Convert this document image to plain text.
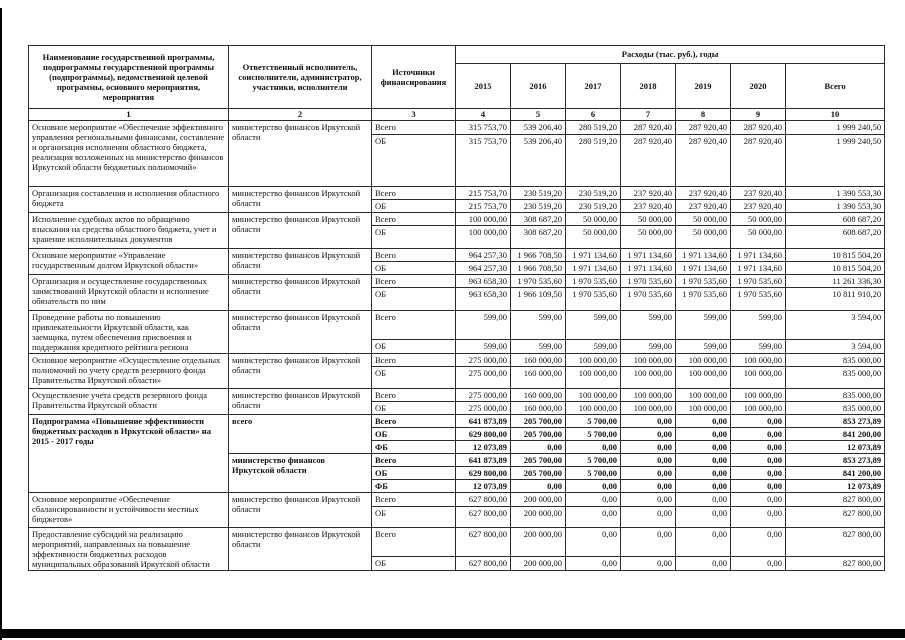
Наименование государственной программы, подпрограммы государственной программы (подпрограммы), ведомственной целевой программы, основного мероприятия, мероприятия	Ответственный исполнитель, соисполнители, администратор, участники, исполнители	Источники финансирования	Расходы (тыс. руб.), годы						
			2015	2016	2017	2018	2019	2020	Всего
1	2	3	4	5	6	7	8	9	10
Основное мероприятие «Обеспечение эффективного управления региональными финансами, составление и организация исполнения областного бюджета, реализация возложенных на министерство финансов Иркутской области бюджетных полномочий»	министерство финансов Иркутской области	Всего	315 753,70	539 206,40	280 519,20	287 920,40	287 920,40	287 920,40	1 999 240,50
		ОБ	315 753,70	539 206,40	280 519,20	287 920,40	287 920,40	287 920,40	1 999 240,50
Организация составления и исполнения областного бюджета	министерство финансов Иркутской области	Всего	215 753,70	230 519,20	230 519,20	237 920,40	237 920,40	237 920,40	1 390 553,30
		ОБ	215 753,70	230 519,20	230 519,20	237 920,40	237 920,40	237 920,40	1 390 553,30
Исполнение судебных актов по обращению взыскания на средства областного бюджета, учет и хранение исполнительных документов	министерство финансов Иркутской области	Всего	100 000,00	308 687,20	50 000,00	50 000,00	50 000,00	50 000,00	608 687,20
		ОБ	100 000,00	308 687,20	50 000,00	50 000,00	50 000,00	50 000,00	608 687,20
Основное мероприятие «Управление государственным долгом Иркутской области»	министерство финансов Иркутской области	Всего	964 257,30	1 966 708,50	1 971 134,60	1 971 134,60	1 971 134,60	1 971 134,60	10 815 504,20
		ОБ	964 257,30	1 966 708,50	1 971 134,60	1 971 134,60	1 971 134,60	1 971 134,60	10 815 504,20
Организация и осуществление государственных заимствований Иркутской области и исполнение обязательств по ним	министерство финансов Иркутской области	Всего	963 658,30	1 970 535,60	1 970 535,60	1 970 535,60	1 970 535,60	1 970 535,60	11 261 336,30
		ОБ	963 658,30	1 966 109,50	1 970 535,60	1 970 535,60	1 970 535,60	1 970 535,60	10 811 910,20
Проведение работы по повышению привлекательности Иркутской области, как заемщика, путем обеспечения присвоения и поддержания кредитного рейтинга региона	министерство финансов Иркутской области	Всего	599,00	599,00	599,00	599,00	599,00	599,00	3 594,00
		ОБ	599,00	599,00	599,00	599,00	599,00	599,00	3 594,00
Основное мероприятие «Осуществление отдельных полномочий по учету средств резервного фонда Правительства Иркутской области»	министерство финансов Иркутской области	Всего	275 000,00	160 000,00	100 000,00	100 000,00	100 000,00	100 000,00	835 000,00
		ОБ	275 000,00	160 000,00	100 000,00	100 000,00	100 000,00	100 000,00	835 000,00
Осуществление учета средств резервного фонда Правительства Иркутской области	министерство финансов Иркутской области	Всего	275 000,00	160 000,00	100 000,00	100 000,00	100 000,00	100 000,00	835 000,00
		ОБ	275 000,00	160 000,00	100 000,00	100 000,00	100 000,00	100 000,00	835 000,00
Подпрограмма «Повышение эффективности бюджетных расходов в Иркутской области» на 2015 - 2017 годы	всего	Всего	641 873,89	205 700,00	5 700,00	0,00	0,00	0,00	853 273,89
		ОБ	629 800,00	205 700,00	5 700,00	0,00	0,00	0,00	841 200,00
		ФБ	12 073,89	0,00	0,00	0,00	0,00	0,00	12 073,89
	министерство финансов Иркутской области	Всего	641 873,89	205 700,00	5 700,00	0,00	0,00	0,00	853 273,89
		ОБ	629 800,00	205 700,00	5 700,00	0,00	0,00	0,00	841 200,00
		ФБ	12 073,89	0,00	0,00	0,00	0,00	0,00	12 073,89
Основное мероприятие «Обеспечение сбалансированности и устойчивости местных бюджетов»	министерство финансов Иркутской области	Всего	627 800,00	200 000,00	0,00	0,00	0,00	0,00	827 800,00
		ОБ	627 800,00	200 000,00	0,00	0,00	0,00	0,00	827 800,00
Предоставление субсидий на реализацию мероприятий, направленных на повышение эффективности бюджетных расходов муниципальных образований Иркутской области	министерство финансов Иркутской области	Всего	627 800,00	200 000,00	0,00	0,00	0,00	0,00	827 800,00
		ОБ	627 800,00	200 000,00	0,00	0,00	0,00	0,00	827 800,00
